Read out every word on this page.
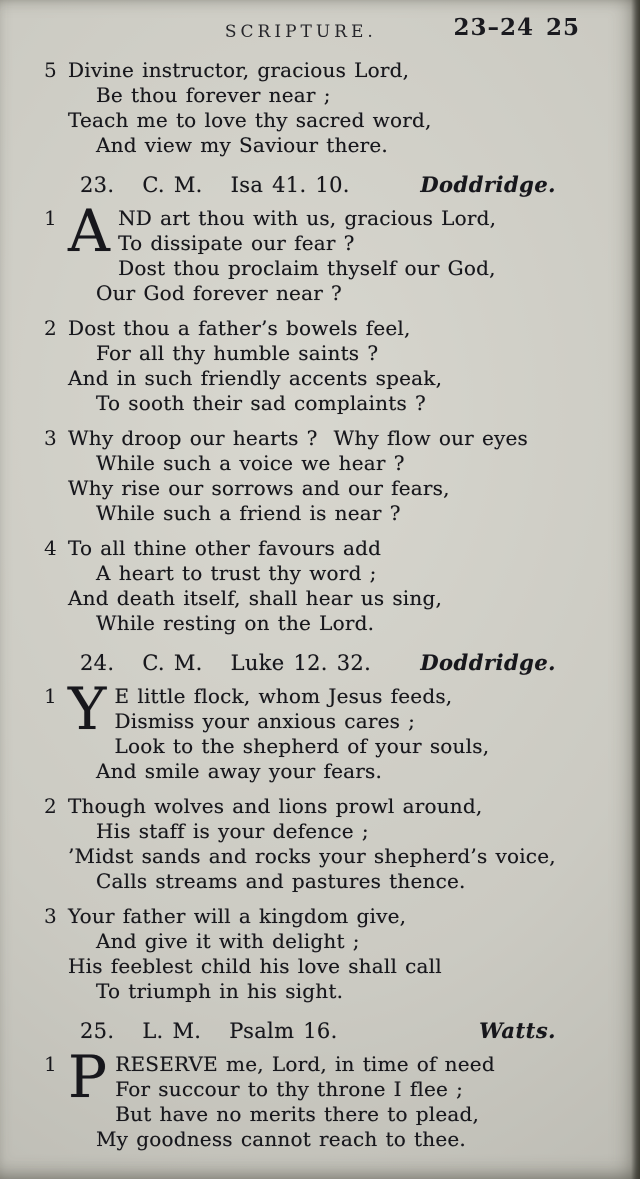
SCRIPTURE.	23–24 25
5 Divine instructor, gracious Lord,
Be thou forever near ;
Teach me to love thy sacred word,
And view my Saviour there.
23. C. M. Isa 41. 10.	Doddridge.
1 AND art thou with us, gracious Lord,
To dissipate our fear ?
Dost thou proclaim thyself our God,
Our God forever near ?
2 Dost thou a father’s bowels feel,
For all thy humble saints ?
And in such friendly accents speak,
To sooth their sad complaints ?
3 Why droop our hearts ?  Why flow our eyes
While such a voice we hear ?
Why rise our sorrows and our fears,
While such a friend is near ?
4 To all thine other favours add
A heart to trust thy word ;
And death itself, shall hear us sing,
While resting on the Lord.
24. C. M. Luke 12. 32. Doddridge.
1 Y E little flock, whom Jesus feeds,
Dismiss your anxious cares ;
Look to the shepherd of your souls,
And smile away your fears.
2 Though wolves and lions prowl around,
His staff is your defence ;
’Midst sands and rocks your shepherd’s voice,
Calls streams and pastures thence.
3 Your father will a kingdom give,
And give it with delight ;
His feeblest child his love shall call
To triumph in his sight.
25. L. M. Psalm 16.	Watts.
1 PRESERVE me, Lord, in time of need
For succour to thy throne I flee ;
But have no merits there to plead,
My goodness cannot reach to thee.
